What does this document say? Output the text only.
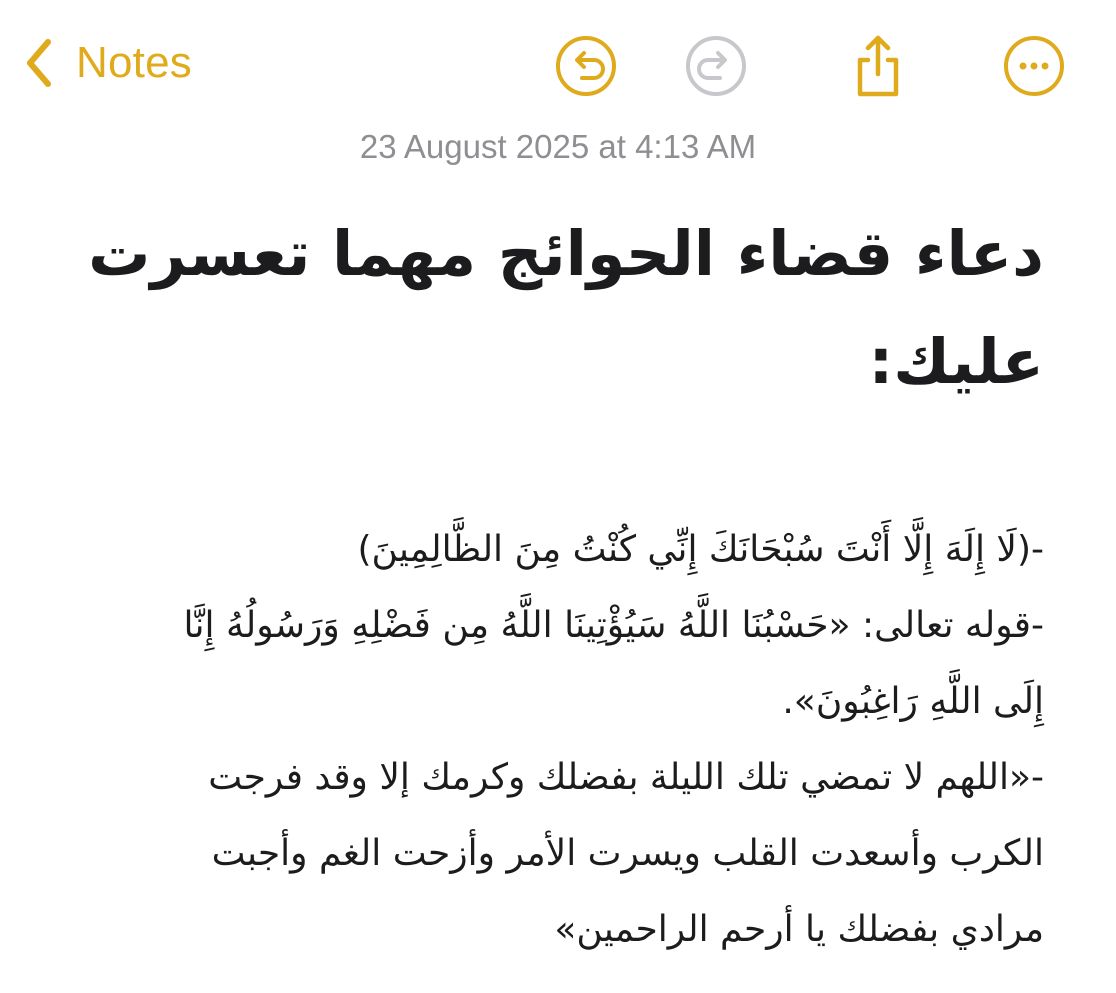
Notes
23 August 2025 at 4:13 AM

دعاء قضاء الحوائج مهما تعسرت

عليك:

-(لَا إِلَهَ إِلَّا أَنْتَ سُبْحَانَكَ إِنِّي كُنْتُ مِنَ الظَّالِمِينَ)

-قوله تعالى: «حَسْبُنَا اللَّهُ سَيُؤْتِينَا اللَّهُ مِن فَضْلِهِ وَرَسُولُهُ إِنَّا

إِلَى اللَّهِ رَاغِبُونَ».

-«اللهم لا تمضي تلك الليلة بفضلك وكرمك إلا وقد فرجت

الكرب وأسعدت القلب ويسرت الأمر وأزحت الغم وأجبت

مرادي بفضلك يا أرحم الراحمين»
